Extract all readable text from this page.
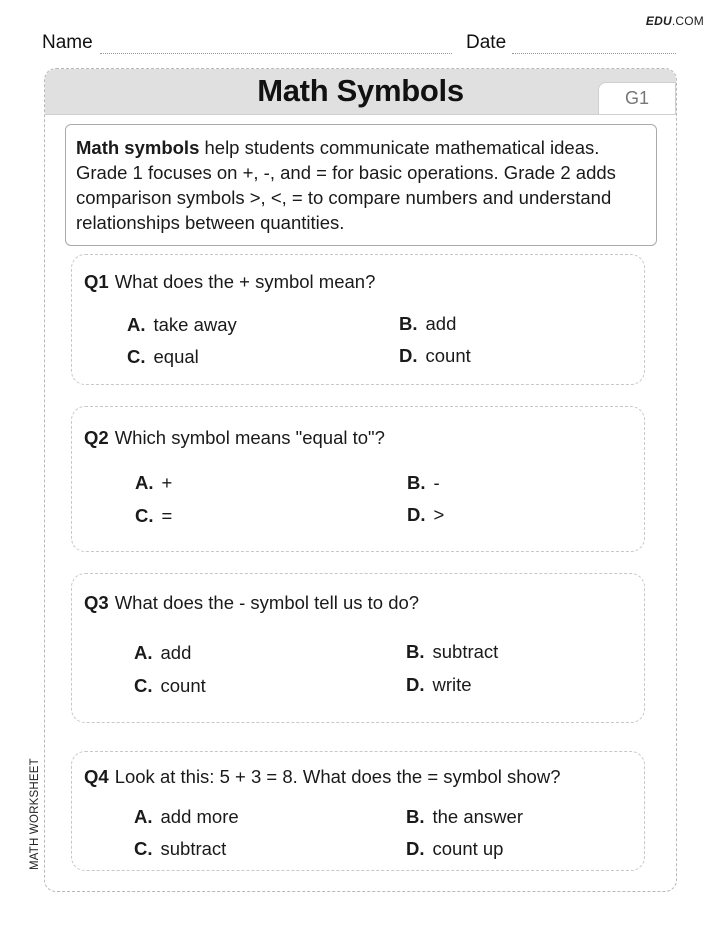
EDU.COM
Name	Date
Math Symbols	G1
Math symbols help students communicate mathematical ideas. Grade 1 focuses on +, -, and = for basic operations. Grade 2 adds comparison symbols >, <, = to compare numbers and understand relationships between quantities.
Q1 What does the + symbol mean?
A. take away	B. add
C. equal	D. count
Q2 Which symbol means "equal to"?
A. +	B. -
C. =	D. >
Q3 What does the - symbol tell us to do?
A. add	B. subtract
C. count	D. write
Q4 Look at this: 5 + 3 = 8. What does the = symbol show?
A. add more	B. the answer
C. subtract	D. count up
MATH WORKSHEET
